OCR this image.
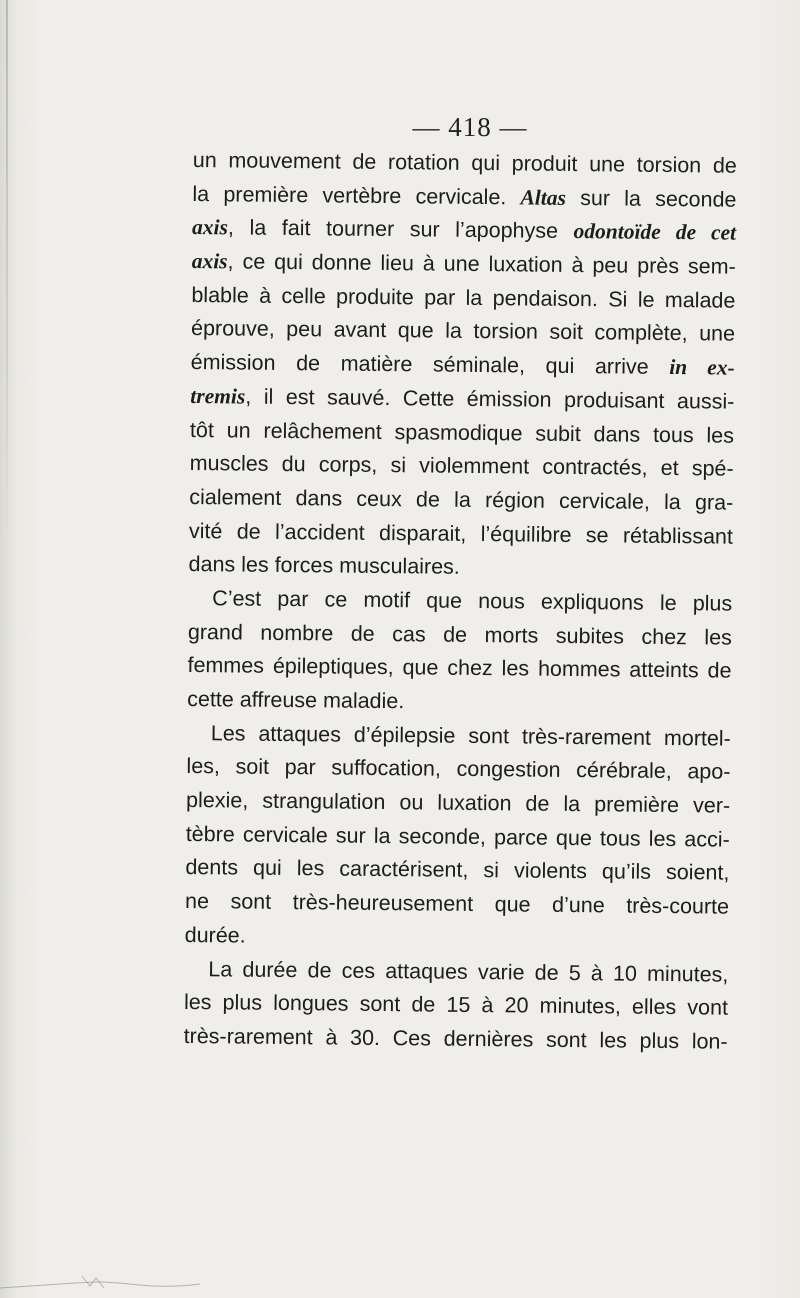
— 418 —
un mouvement de rotation qui produit une torsion de
la première vertèbre cervicale. Altas sur la seconde
axis, la fait tourner sur l’apophyse odontoïde de cet
axis, ce qui donne lieu à une luxation à peu près sem-
blable à celle produite par la pendaison. Si le malade
éprouve, peu avant que la torsion soit complète, une
émission de matière séminale, qui arrive in ex-
tremis, il est sauvé. Cette émission produisant aussi-
tôt un relâchement spasmodique subit dans tous les
muscles du corps, si violemment contractés, et spé-
cialement dans ceux de la région cervicale, la gra-
vité de l’accident disparait, l’équilibre se rétablissant
dans les forces musculaires.
C’est par ce motif que nous expliquons le plus
grand nombre de cas de morts subites chez les
femmes épileptiques, que chez les hommes atteints de
cette affreuse maladie.
Les attaques d’épilepsie sont très-rarement mortel-
les, soit par suffocation, congestion cérébrale, apo-
plexie, strangulation ou luxation de la première ver-
tèbre cervicale sur la seconde, parce que tous les acci-
dents qui les caractérisent, si violents qu’ils soient,
ne sont très-heureusement que d’une très-courte
durée.
La durée de ces attaques varie de 5 à 10 minutes,
les plus longues sont de 15 à 20 minutes, elles vont
très-rarement à 30. Ces dernières sont les plus lon-
